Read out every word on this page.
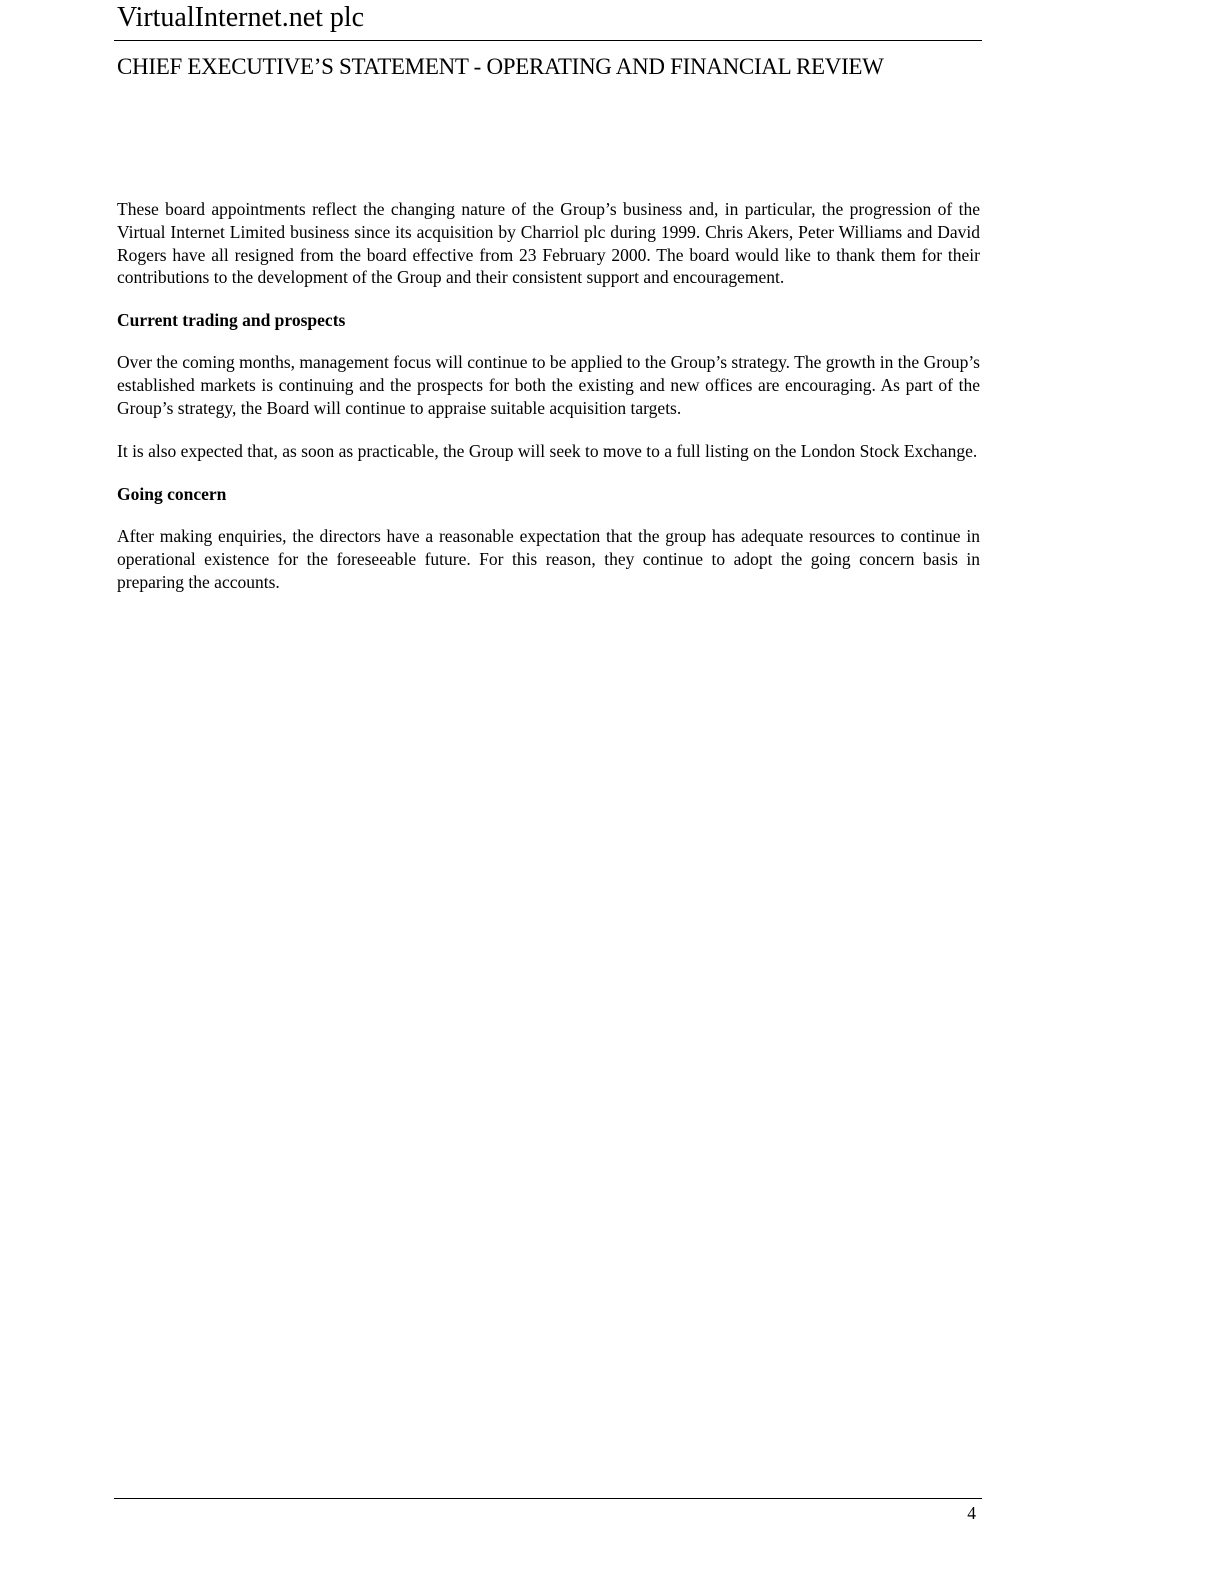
VirtualInternet.net plc
CHIEF EXECUTIVE’S STATEMENT - OPERATING AND FINANCIAL REVIEW

These board appointments reflect the changing nature of the Group’s business and, in particular, the progression of the Virtual Internet Limited business since its acquisition by Charriol plc during 1999. Chris Akers, Peter Williams and David Rogers have all resigned from the board effective from 23 February 2000. The board would like to thank them for their contributions to the development of the Group and their consistent support and encouragement.

Current trading and prospects

Over the coming months, management focus will continue to be applied to the Group’s strategy. The growth in the Group’s established markets is continuing and the prospects for both the existing and new offices are encouraging. As part of the Group’s strategy, the Board will continue to appraise suitable acquisition targets.

It is also expected that, as soon as practicable, the Group will seek to move to a full listing on the London Stock Exchange.

Going concern

After making enquiries, the directors have a reasonable expectation that the group has adequate resources to continue in operational existence for the foreseeable future. For this reason, they continue to adopt the going concern basis in preparing the accounts.

4
